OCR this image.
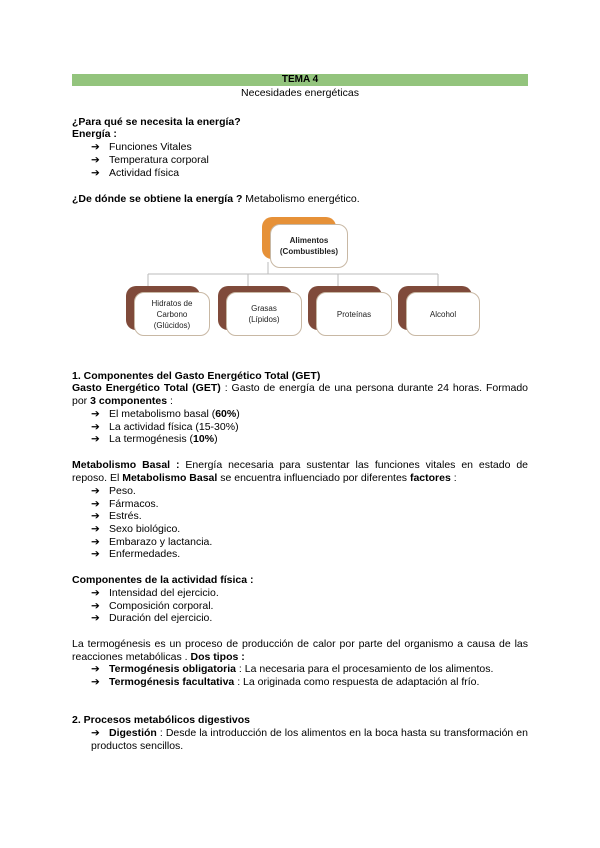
TEMA 4
Necesidades energéticas
¿Para qué se necesita la energía?
Energía :
➔ Funciones Vitales
➔ Temperatura corporal
➔ Actividad física
¿De dónde se obtiene la energía ? Metabolismo energético.
Alimentos
(Combustibles)
Hidratos de
Carbono
(Glúcidos)
Grasas
(Lípidos)
Proteínas	Alcohol
1. Componentes del Gasto Energético Total (GET)
Gasto Energético Total (GET) : Gasto de energía de una persona durante 24 horas. Formado por 3 componentes :
➔ El metabolismo basal (60%)
➔ La actividad física (15-30%)
➔ La termogénesis (10%)
Metabolismo Basal : Energía necesaria para sustentar las funciones vitales en estado de reposo. El Metabolismo Basal se encuentra influenciado por diferentes factores :
➔ Peso.
➔ Fármacos.
➔ Estrés.
➔ Sexo biológico.
➔ Embarazo y lactancia.
➔ Enfermedades.
Componentes de la actividad física :
➔ Intensidad del ejercicio.
➔ Composición corporal.
➔ Duración del ejercicio.
La termogénesis es un proceso de producción de calor por parte del organismo a causa de las reacciones metabólicas . Dos tipos :
➔ Termogénesis obligatoria : La necesaria para el procesamiento de los alimentos.
➔ Termogénesis facultativa : La originada como respuesta de adaptación al frío.
2. Procesos metabólicos digestivos
➔ Digestión : Desde la introducción de los alimentos en la boca hasta su transformación en productos sencillos.
